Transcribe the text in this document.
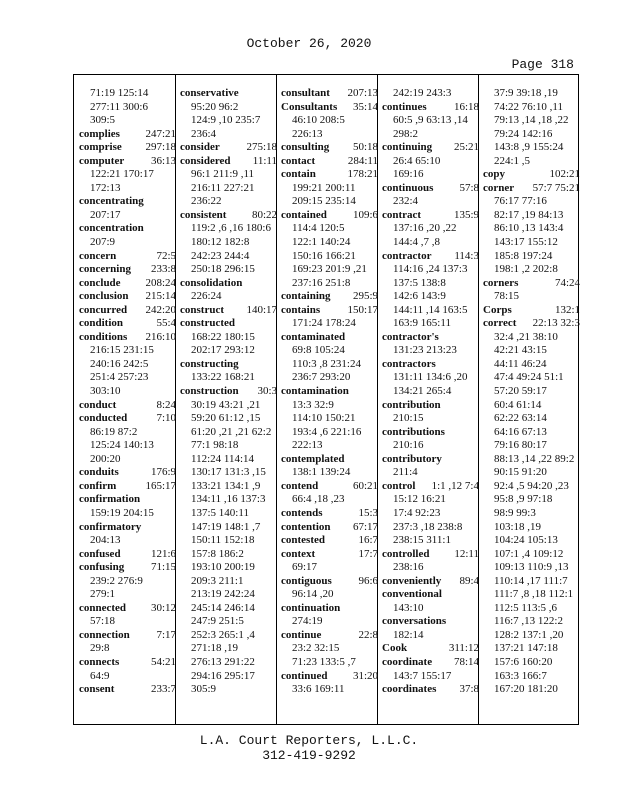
October 26, 2020
Page 318
71:19 125:14
277:11 300:6
309:5
complies 247:21
comprise 297:18
computer 36:13
122:21 170:17
172:13
concentrating
207:17
concentration
207:9
concern	72:5
concerning 233:8
conclude 208:24
conclusion 215:14
concurred 242:20
condition	55:4
conditions 216:10
216:15 231:15
240:16 242:5
251:4 257:23
303:10
conduct	8:24
conducted	7:10
86:19 87:2
125:24 140:13
200:20
conduits	176:9
confirm	165:17
confirmation
159:19 204:15
confirmatory
204:13
confused	121:6
confusing 71:15
239:2 276:9
279:1
connected 30:12
57:18
connection 7:17
29:8
connects	54:21
64:9
consent	233:7
conservative
95:20 96:2
124:9 ,10 235:7
236:4
consider 275:18
considered 11:11
96:1 211:9 ,11
216:11 227:21
236:22
consistent 80:22
119:2 ,6 ,16 180:6
180:12 182:8
242:23 244:4
250:18 296:15
consolidation
226:24
construct 140:17
constructed
168:22 180:15
202:17 293:12
constructing
133:22 168:21
construction 30:3
30:19 43:21 ,21
59:20 61:12 ,15
61:20 ,21 ,21 62:2
77:1 98:18
112:24 114:14
130:17 131:3 ,15
133:21 134:1 ,9
134:11 ,16 137:3
137:5 140:11
147:19 148:1 ,7
150:11 152:18
157:8 186:2
193:10 200:19
209:3 211:1
213:19 242:24
245:14 246:14
247:9 251:5
252:3 265:1 ,4
271:18 ,19
276:13 291:22
294:16 295:17
305:9
consultant 207:13
Consultants 35:14
46:10 208:5
226:13
consulting 50:18
contact	284:11
contain	178:21
199:21 200:11
209:15 235:14
contained 109:6
114:4 120:5
122:1 140:24
150:16 166:21
169:23 201:9 ,21
237:16 251:8
containing 295:9
contains 150:17
171:24 178:24
contaminated
69:8 105:24
110:3 ,8 231:24
236:7 293:20
contamination
13:3 32:9
114:10 150:21
193:4 ,6 221:16
222:13
contemplated
138:1 139:24
contend	60:21
66:4 ,18 ,23
contends	15:3
contention 67:17
contested	16:7
context	17:7
69:17
contiguous 96:6
96:14 ,20
continuation
274:19
continue	22:8
23:2 32:15
71:23 133:5 ,7
continued 31:20
33:6 169:11
242:19 243:3
continues 16:18
60:5 ,9 63:13 ,14
298:2
continuing 25:21
26:4 65:10
169:16
continuous 57:8
232:4
contract	135:9
137:16 ,20 ,22
144:4 ,7 ,8
contractor 114:3
114:16 ,24 137:3
137:5 138:8
142:6 143:9
144:11 ,14 163:5
163:9 165:11
contractor's
131:23 213:23
contractors
131:11 134:6 ,20
134:21 265:4
contribution
210:15
contributions
210:16
contributory
211:4
control 1:1 ,12 7:4
15:12 16:21
17:4 92:23
237:3 ,18 238:8
238:15 311:1
controlled 12:11
238:16
conveniently 89:4
conventional
143:10
conversations
182:14
Cook	311:12
coordinate 78:14
143:7 155:17
coordinates 37:8
37:9 39:18 ,19
74:22 76:10 ,11
79:13 ,14 ,18 ,22
79:24 142:16
143:8 ,9 155:24
224:1 ,5
copy	102:21
corner 57:7 75:21
76:17 77:16
82:17 ,19 84:13
86:10 ,13 143:4
143:17 155:12
185:8 197:24
198:1 ,2 202:8
corners	74:24
78:15
Corps	132:1
correct 22:13 32:3
32:4 ,21 38:10
42:21 43:15
44:11 46:24
47:4 49:24 51:1
57:20 59:17
60:4 61:14
62:22 63:14
64:16 67:13
79:16 80:17
88:13 ,14 ,22 89:2
90:15 91:20
92:4 ,5 94:20 ,23
95:8 ,9 97:18
98:9 99:3
103:18 ,19
104:24 105:13
107:1 ,4 109:12
109:13 110:9 ,13
110:14 ,17 111:7
111:7 ,8 ,18 112:1
112:5 113:5 ,6
116:7 ,13 122:2
128:2 137:1 ,20
137:21 147:18
157:6 160:20
163:3 166:7
167:20 181:20
L.A. Court Reporters, L.L.C.
312-419-9292
